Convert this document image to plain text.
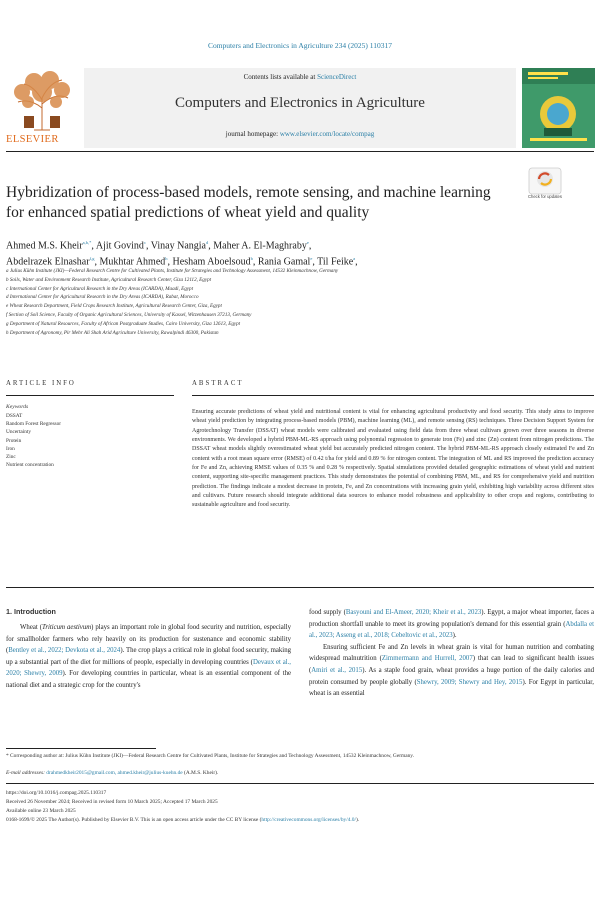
Computers and Electronics in Agriculture 234 (2025) 110317
ELSEVIER
Contents lists available at ScienceDirect
Computers and Electronics in Agriculture
journal homepage: www.elsevier.com/locate/compag
Check for updates
Hybridization of process-based models, remote sensing, and machine learning for enhanced spatial predictions of wheat yield and quality
Ahmed M.S. Kheir$^{a,b,*}$, Ajit Govind$^c$, Vinay Nangia$^d$, Maher A. El-Maghraby$^e$,
Abdelrazek Elnashar$^{f,g}$, Mukhtar Ahmed$^h$, Hesham Aboelsoud$^b$, Rania Gamal$^e$, Til Feike$^a$,
a Julius Kühn Institute (JKI)—Federal Research Centre for Cultivated Plants, Institute for Strategies and Technology Assessment, 14532 Kleinmachnow, Germany
b Soils, Water and Environment Research Institute, Agricultural Research Center, Giza 12112, Egypt
c International Center for Agricultural Research in the Dry Areas (ICARDA), Maadi, Egypt
d International Center for Agricultural Research in the Dry Areas (ICARDA), Rabat, Morocco
e Wheat Research Department, Field Crops Research Institute, Agricultural Research Center, Giza, Egypt
f Section of Soil Science, Faculty of Organic Agricultural Sciences, University of Kassel, Witzenhausen 37213, Germany
g Department of Natural Resources, Faculty of African Postgraduate Studies, Cairo University, Giza 12613, Egypt
h Department of Agronomy, Pir Mehr Ali Shah Arid Agriculture University, Rawalpindi 46300, Pakistan
ARTICLE INFO	ABSTRACT
Keywords
DSSAT
Random Forest Regressor
Uncertainty
Protein
Iron
Zinc
Nutrient concentration
Ensuring accurate predictions of wheat yield and nutritional content is vital for enhancing agricultural productivity and food security. This study aims to improve wheat yield prediction by integrating process-based models (PBM), machine learning (ML), and remote sensing (RS) techniques. Three Decision Support System for Agrotechnology Transfer (DSSAT) wheat models were calibrated and evaluated using field data from three wheat cultivars grown over three seasons in diverse environments. We developed a hybrid PBM-ML-RS approach using polynomial regression to generate iron (Fe) and zinc (Zn) content from nitrogen predictions. The DSSAT wheat models slightly overestimated wheat yield but accurately predicted nitrogen content. The hybrid PBM-ML-RS approach closely estimated Fe and Zn content with a root mean square error (RMSE) of 0.42 t/ha for yield and 0.89 % for nitrogen content. The integration of ML and RS improved the prediction accuracy for Fe and Zn, achieving RMSE values of 0.35 % and 0.28 % respectively. Spatial simulations provided detailed geographic estimations of wheat yield and nutrient content, supporting site-specific management practices. This study demonstrates the potential of combining PBM, ML, and RS for comprehensive yield and nutrition prediction. The findings indicate a modest decrease in protein, Fe, and Zn concentrations with increasing grain yield, exhibiting high variability across different sites and cultivars. Future research should integrate additional data sources to enhance model robustness and applicability to other crops and regions, contributing to sustainable agriculture and food security.
1. Introduction

Wheat (Triticum aestivum) plays an important role in global food security and nutrition, especially for smallholder farmers who rely heavily on its production for sustenance and economic stability (Bentley et al., 2022; Devkota et al., 2024). The crop plays a critical role in global food security, making up a substantial part of the diet for millions of people, especially in developing countries (Devaux et al., 2020; Shewry, 2009). For developing countries in particular, wheat is an essential component of the national diet and a strategic crop for the country's

food supply (Basyouni and El-Ameer, 2020; Kheir et al., 2023). Egypt, a major wheat importer, faces a production shortfall unable to meet its growing population's demand for this essential grain (Abdalla et al., 2023; Asseng et al., 2018; Cebeltovic et al., 2023).

Ensuring sufficient Fe and Zn levels in wheat grain is vital for human nutrition and combating widespread malnutrition (Zimmermann and Hurrell, 2007) that can lead to significant health issues (Amiri et al., 2015). As a staple food grain, wheat provides a huge portion of the daily calories and protein consumed by people globally (Shewry, 2009; Shewry and Hey, 2015). For Egypt in particular, wheat is an essential

* Corresponding author at: Julius Kühn Institute (JKI)—Federal Research Centre for Cultivated Plants, Institute for Strategies and Technology Assessment, 14532 Kleinmachnow, Germany.
E-mail addresses: drahmedkheir2015@gmail.com, ahmed.kheir@julius-kuehn.de (A.M.S. Kheir).
https://doi.org/10.1016/j.compag.2025.110317
Received 26 November 2024; Received in revised form 10 March 2025; Accepted 17 March 2025
Available online 23 March 2025
0168-1699/© 2025 The Author(s). Published by Elsevier B.V. This is an open access article under the CC BY license (http://creativecommons.org/licenses/by/4.0/).
